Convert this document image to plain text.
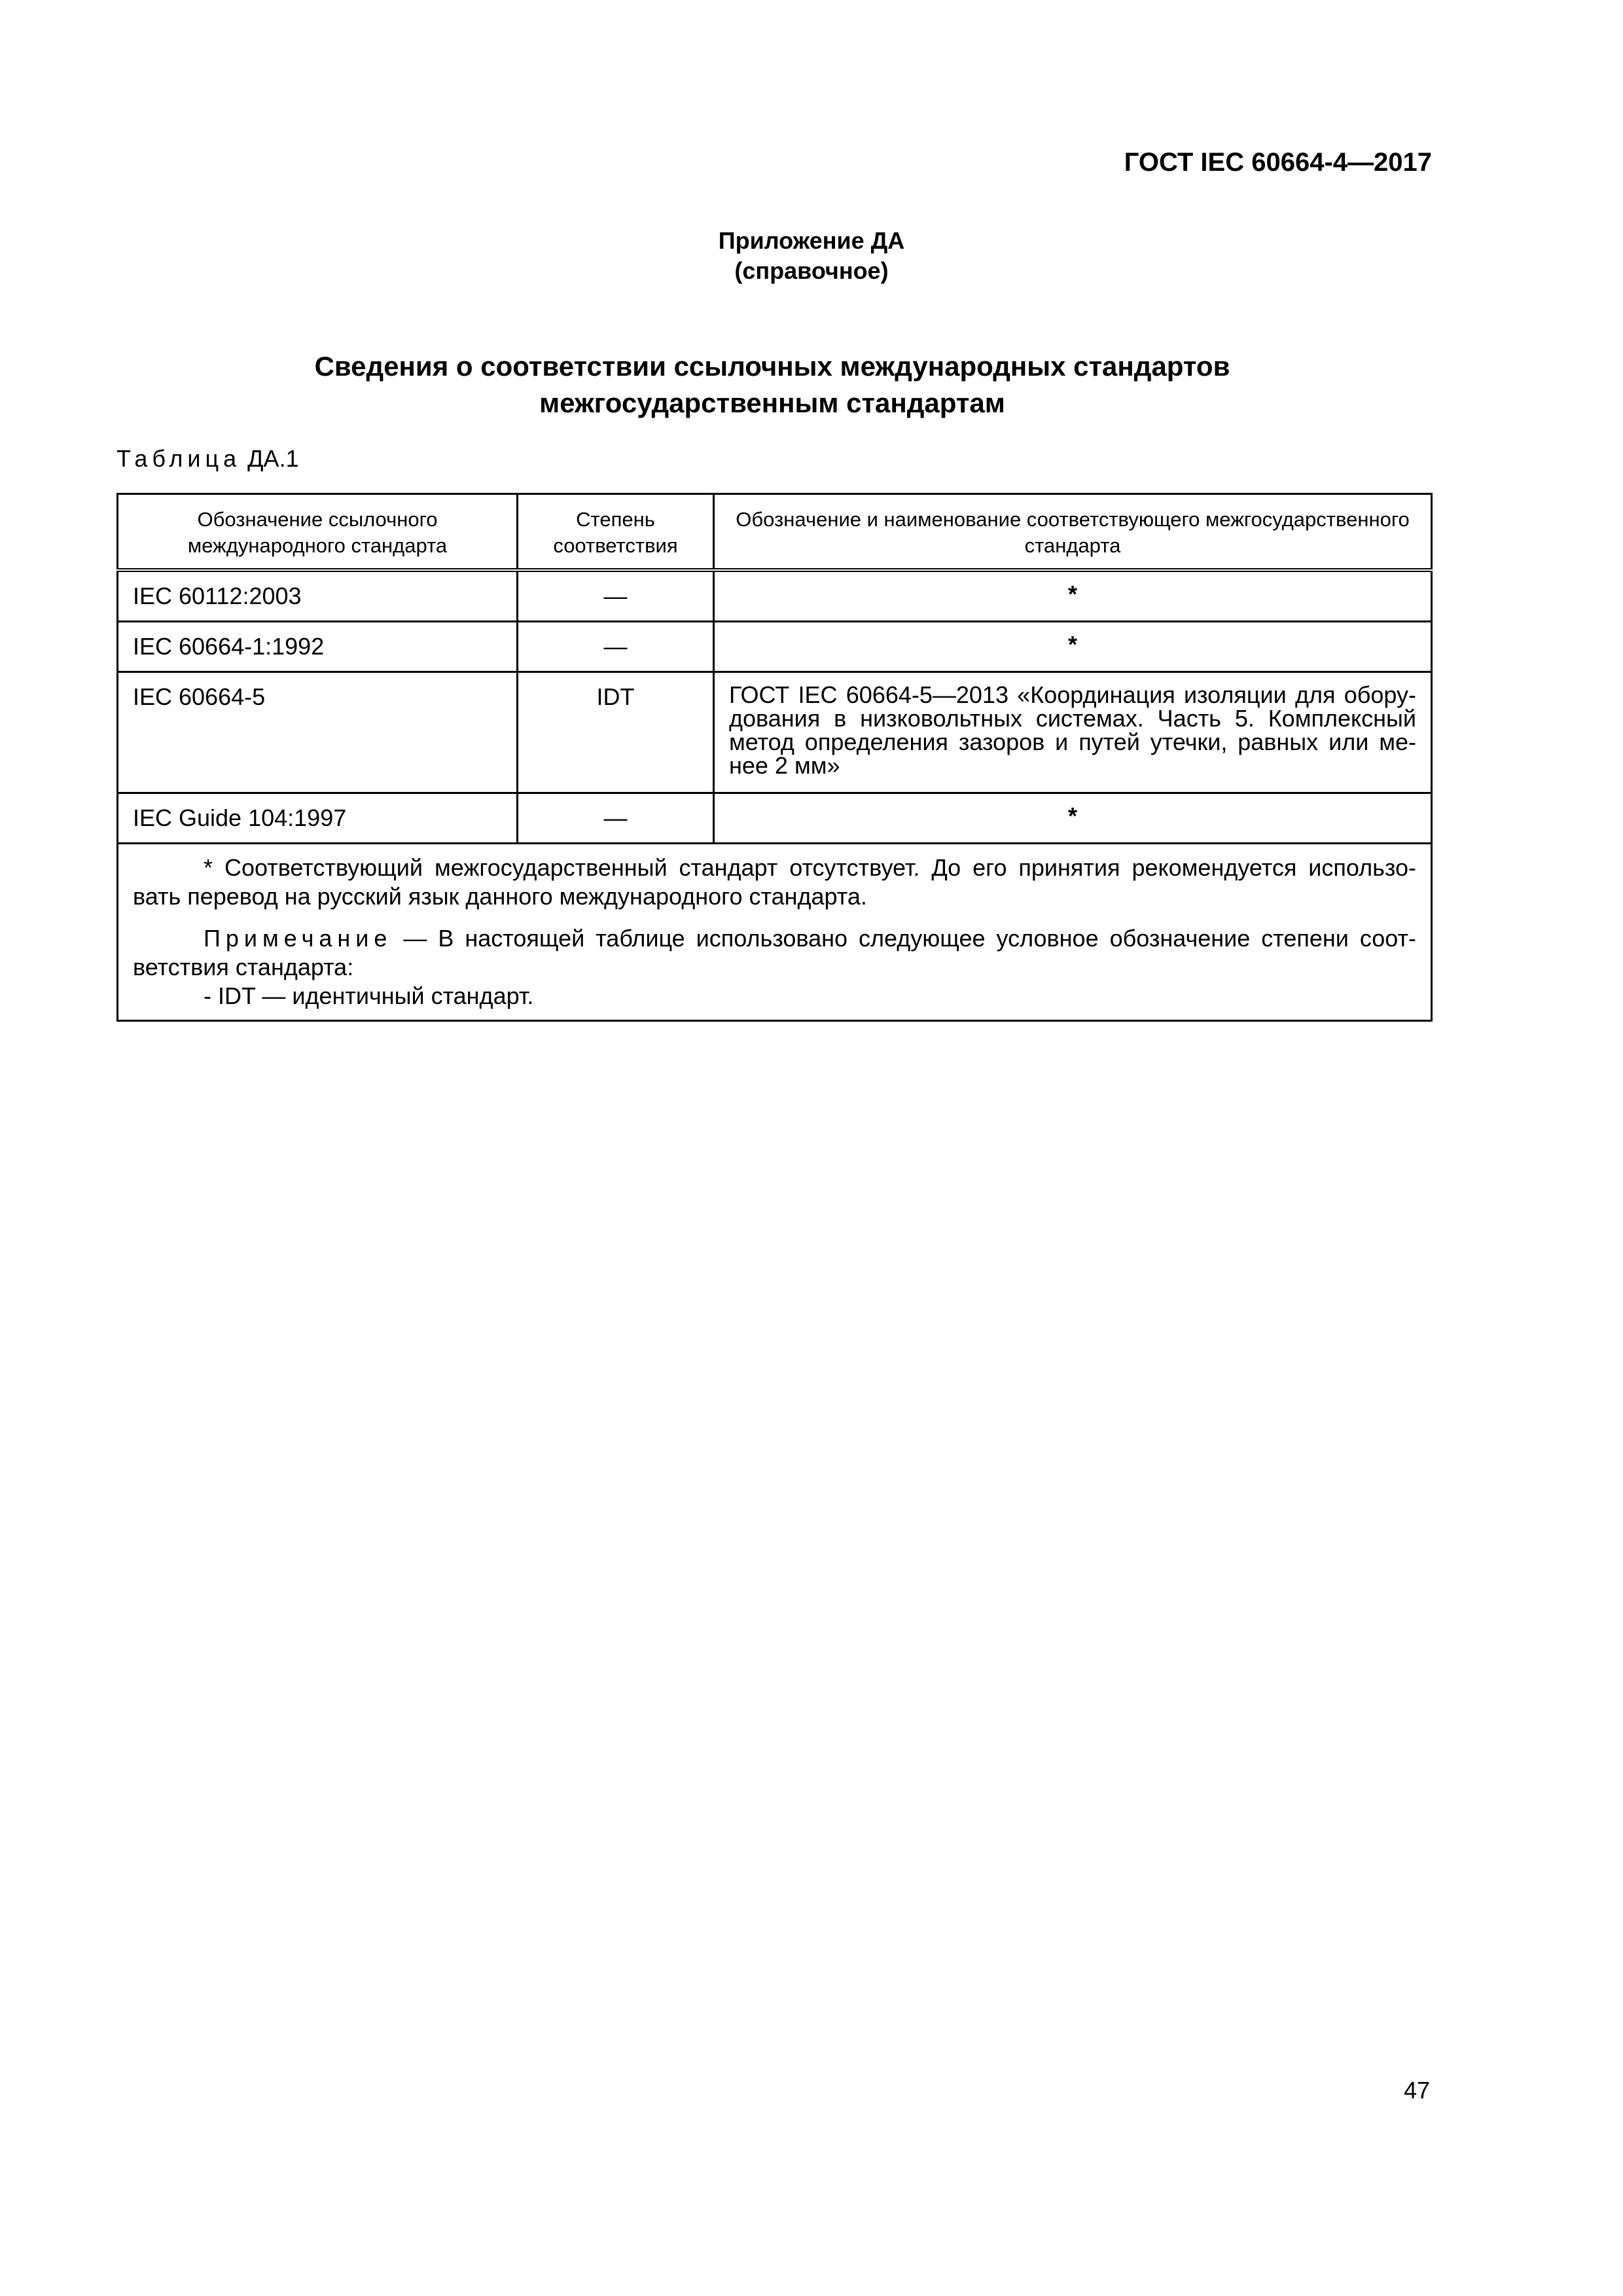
ГОСТ IEC 60664-4—2017
Приложение ДА
(справочное)
Сведения о соответствии ссылочных международных стандартов
межгосударственным стандартам
Таблица ДА.1
Обозначение ссылочного международного стандарта	Степень соответствия	Обозначение и наименование соответствующего межгосударственного стандарта
IEC 60112:2003	—	*
IEC 60664-1:1992	—	*
IEC 60664-5	IDT	ГОСТ IEC 60664-5—2013 «Координация изоляции для обору-дования в низковольтных системах. Часть 5. Комплексный метод определения зазоров и путей утечки, равных или ме-нее 2 мм»
IEC Guide 104:1997	—	*

* Соответствующий межгосударственный стандарт отсутствует. До его принятия рекомендуется использо-вать перевод на русский язык данного международного стандарта.

Примечание — В настоящей таблице использовано следующее условное обозначение степени соот-ветствия стандарта:

- IDT — идентичный стандарт.		

47
